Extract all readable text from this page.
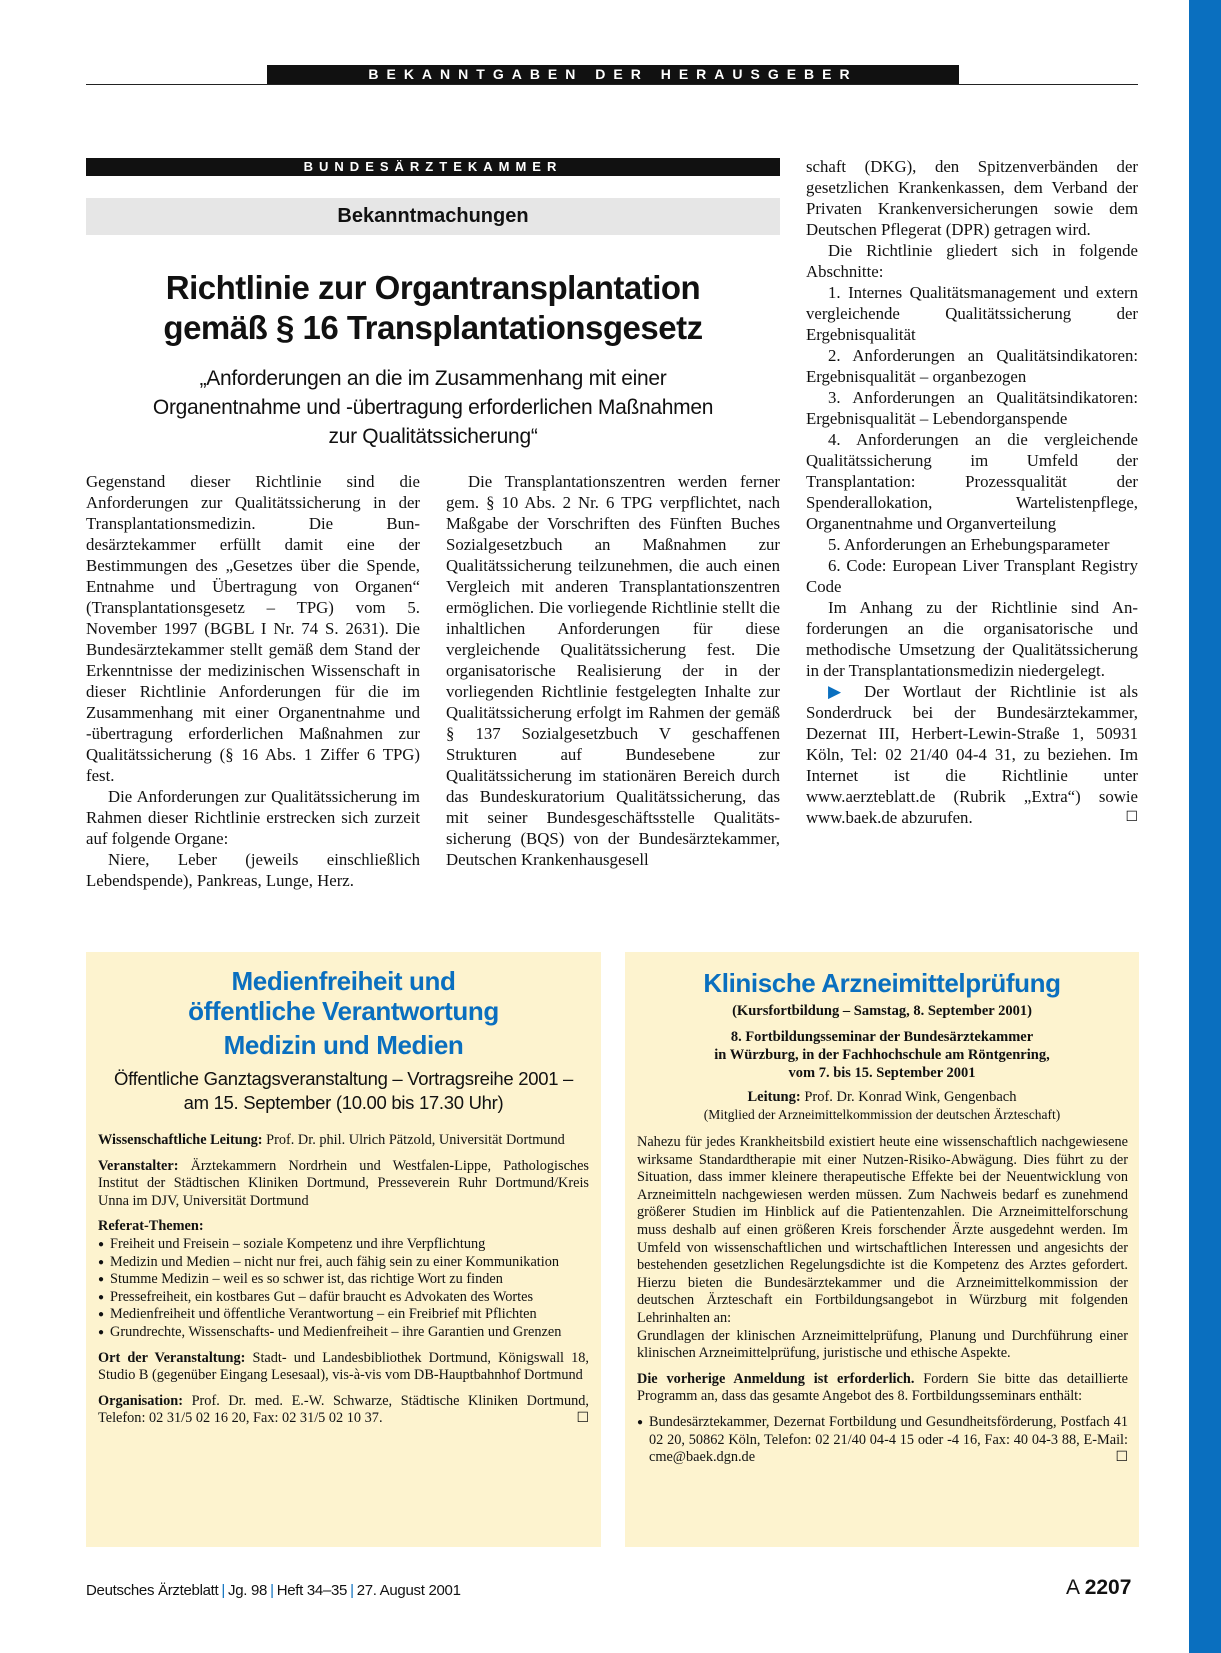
BEKANNTGABEN DER HERAUSGEBER
BUNDESÄRZTEKAMMER
Bekanntmachungen
Richtlinie zur Organtransplantation
gemäß § 16 Transplantationsgesetz
„Anforderungen an die im Zusammenhang mit einer
Organentnahme und -übertragung erforderlichen Maßnahmen
zur Qualitätssicherung“

Gegenstand dieser Richtlinie sind die Anforderungen zur Qualitätssicherung in der Transplantationsmedizin. Die Bundesärztekammer erfüllt damit eine der Bestimmungen des „Gesetzes über die Spende, Entnahme und Übertragung von Organen“ (Transplantationsgesetz – TPG) vom 5. November 1997 (BGBL I Nr. 74 S. 2631). Die Bundesärztekammer stellt gemäß dem Stand der Erkenntnisse der medizinischen Wissenschaft in dieser Richtlinie Anforderungen für die im Zusammenhang mit einer Organentnahme und -übertragung erforderlichen Maßnahmen zur Qualitätssicherung (§ 16 Abs. 1 Ziffer 6 TPG) fest.

Die Anforderungen zur Qualitätssicherung im Rahmen dieser Richtlinie erstrecken sich zurzeit auf folgende Organe:

Niere, Leber (jeweils einschließlich Lebendspende), Pankreas, Lunge, Herz.

Die Transplantationszentren werden ferner gem. § 10 Abs. 2 Nr. 6 TPG verpflichtet, nach Maßgabe der Vorschriften des Fünften Buches Sozialgesetzbuch an Maßnahmen zur Qualitätssicherung teilzunehmen, die auch einen Vergleich mit anderen Transplantationszentren ermöglichen. Die vorliegende Richtlinie stellt die inhaltlichen Anforderungen für diese vergleichende Qualitätssicherung fest. Die organisatorische Realisierung der in der vorliegenden Richtlinie festgelegten Inhalte zur Qualitätssicherung erfolgt im Rahmen der gemäß § 137 Sozialgesetzbuch V geschaffenen Strukturen auf Bundesebene zur Qualitätssicherung im stationären Bereich durch das Bundeskuratorium Qualitätssicherung, das mit seiner Bundesgeschäftsstelle Qualitätssicherung (BQS) von der Bundesärztekammer, Deutschen Krankenhausgesell

schaft (DKG), den Spitzenverbänden der gesetzlichen Krankenkassen, dem Verband der Privaten Krankenversicherungen sowie dem Deutschen Pflegerat (DPR) getragen wird.

Die Richtlinie gliedert sich in folgende Abschnitte:

1. Internes Qualitätsmanagement und extern vergleichende Qualitätssicherung der Ergebnisqualität

2. Anforderungen an Qualitätsindikatoren: Ergebnisqualität – organbezogen

3. Anforderungen an Qualitätsindikatoren: Ergebnisqualität – Lebendorganspende

4. Anforderungen an die vergleichende Qualitätssicherung im Umfeld der Transplantation: Prozessqualität der Spenderallokation, Wartelistenpflege, Organentnahme und Organverteilung

5. Anforderungen an Erhebungsparameter

6. Code: European Liver Transplant Registry Code

Im Anhang zu der Richtlinie sind Anforderungen an die organisatorische und methodische Umsetzung der Qualitätssicherung in der Transplantationsmedizin niedergelegt.

▶ Der Wortlaut der Richtlinie ist als Sonderdruck bei der Bundesärztekammer, Dezernat III, Herbert-Lewin-Straße 1, 50931 Köln, Tel: 02 21/40 04-4 31, zu beziehen. Im Internet ist die Richtlinie unter www.aerzteblatt.de (Rubrik „Extra“) sowie www.baek.de abzurufen.	☐

Medienfreiheit und
öffentliche Verantwortung
Medizin und Medien
Öffentliche Ganztagsveranstaltung – Vortragsreihe 2001 –
am 15. September (10.00 bis 17.30 Uhr)

Wissenschaftliche Leitung: Prof. Dr. phil. Ulrich Pätzold, Universität Dortmund

Veranstalter: Ärztekammern Nordrhein und Westfalen-Lippe, Pathologisches Institut der Städtischen Kliniken Dortmund, Presseverein Ruhr Dortmund/Kreis Unna im DJV, Universität Dortmund

Referat-Themen:

● Freiheit und Freisein – soziale Kompetenz und ihre Verpflichtung
● Medizin und Medien – nicht nur frei, auch fähig sein zu einer Kommunikation
● Stumme Medizin – weil es so schwer ist, das richtige Wort zu finden
● Pressefreiheit, ein kostbares Gut – dafür braucht es Advokaten des Wortes
● Medienfreiheit und öffentliche Verantwortung – ein Freibrief mit Pflichten
● Grundrechte, Wissenschafts- und Medienfreiheit – ihre Garantien und Grenzen

Ort der Veranstaltung: Stadt- und Landesbibliothek Dortmund, Königswall 18, Studio B (gegenüber Eingang Lesesaal), vis-à-vis vom DB-Hauptbahnhof Dortmund

Organisation: Prof. Dr. med. E.-W. Schwarze, Städtische Kliniken Dortmund, Telefon: 02 31/5 02 16 20, Fax: 02 31/5 02 10 37.	☐

Klinische Arzneimittelprüfung
(Kursfortbildung – Samstag, 8. September 2001)
8. Fortbildungsseminar der Bundesärztekammer
in Würzburg, in der Fachhochschule am Röntgenring,
vom 7. bis 15. September 2001
Leitung: Prof. Dr. Konrad Wink, Gengenbach
(Mitglied der Arzneimittelkommission der deutschen Ärzteschaft)

Nahezu für jedes Krankheitsbild existiert heute eine wissenschaftlich nachgewiesene wirksame Standardtherapie mit einer Nutzen-Risiko-Abwägung. Dies führt zu der Situation, dass immer kleinere therapeutische Effekte bei der Neuentwicklung von Arzneimitteln nachgewiesen werden müssen. Zum Nachweis bedarf es zunehmend größerer Studien im Hinblick auf die Patientenzahlen. Die Arzneimittelforschung muss deshalb auf einen größeren Kreis forschender Ärzte ausgedehnt werden. Im Umfeld von wissenschaftlichen und wirtschaftlichen Interessen und angesichts der bestehenden gesetzlichen Regelungsdichte ist die Kompetenz des Arztes gefordert. Hierzu bieten die Bundesärztekammer und die Arzneimittelkommission der deutschen Ärzteschaft ein Fortbildungsangebot in Würzburg mit folgenden Lehrinhalten an:

Grundlagen der klinischen Arzneimittelprüfung, Planung und Durchführung einer klinischen Arzneimittelprüfung, juristische und ethische Aspekte.

Die vorherige Anmeldung ist erforderlich. Fordern Sie bitte das detaillierte Programm an, dass das gesamte Angebot des 8. Fortbildungsseminars enthält:

● Bundesärztekammer, Dezernat Fortbildung und Gesundheitsförderung, Postfach 41 02 20, 50862 Köln, Telefon: 02 21/40 04-4 15 oder -4 16, Fax: 40 04-3 88, E-Mail: cme@baek.dgn.de	☐
Deutsches Ärzteblatt | Jg. 98 | Heft 34–35 | 27. August 2001	A 2207
